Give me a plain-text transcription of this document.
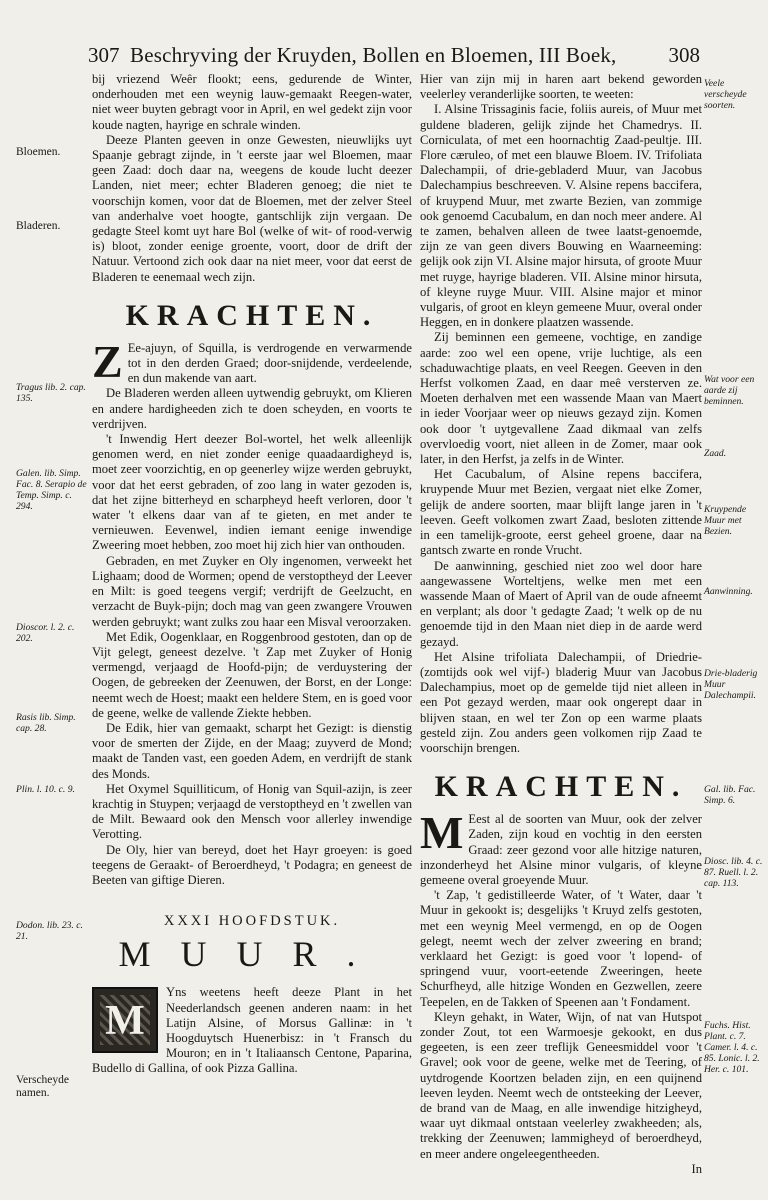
307 Beschryving der Kruyden, Bollen en Bloemen, III Boek, 308

bij vriezend Weêr flookt; eens, gedurende de Winter, onderhouden met een weynig lauw-gemaakt Reegen-water, niet weer buyten gebragt voor in April, en wel gedekt zijn voor koude nagten, hayrige en schrale winden.

Deeze Planten geeven in onze Gewesten, nieuwlijks uyt Spaanje gebragt zijnde, in 't eerste jaar wel Bloemen, maar geen Zaad: doch daar na, weegens de koude lucht deezer Landen, niet meer; echter Bladeren genoeg; die niet te voorschijn komen, voor dat de Bloemen, met der zelver Steel van anderhalve voet hoogte, gantschlijk zijn vergaan. De gedagte Steel komt uyt hare Bol (welke of wit- of rood-verwig is) bloot, zonder eenige groente, voort, door de drift der Natuur. Vertoond zich ook daar na niet meer, voor dat eerst de Bladeren te eenemaal wech zijn.

KRACHTEN.

Z Ee-ajuyn, of Squilla, is verdrogende en verwarmende tot in den derden Graed; door-snijdende, verdeelende, en dun makende van aart.

De Bladeren werden alleen uytwendig gebruykt, om Klieren en andere hardigheeden zich te doen scheyden, en voorts te verdrijven.

't Inwendig Hert deezer Bol-wortel, het welk alleenlijk genomen werd, en niet zonder eenige quaadaardigheyd is, moet zeer voorzichtig, en op geenerley wijze werden gebruykt, voor dat het eerst gebraden, of zoo lang in water gezoden is, dat het zijne bitterheyd en scharpheyd heeft verloren, door 't water 't elkens daar van af te gieten, en met ander te vernieuwen. Eevenwel, indien iemant eenige inwendige Zweering moet hebben, zoo moet hij zich hier van onthouden.

Gebraden, en met Zuyker en Oly ingenomen, verweekt het Lighaam; dood de Wormen; opend de verstoptheyd der Leever en Milt: is goed teegens vergif; verdrijft de Geelzucht, en verzacht de Buyk-pijn; doch mag van geen zwangere Vrouwen werden gebruykt; want zulks zou haar een Misval veroorzaken.

Met Edik, Oogenklaar, en Roggenbrood gestoten, dan op de Vijt gelegt, geneest dezelve. 't Zap met Zuyker of Honig vermengd, verjaagd de Hoofd-pijn; de verduystering der Oogen, de gebreeken der Zeenuwen, der Borst, en der Longe: neemt wech de Hoest; maakt een heldere Stem, en is goed voor de geene, welke de vallende Ziekte hebben.

De Edik, hier van gemaakt, scharpt het Gezigt: is dienstig voor de smerten der Zijde, en der Maag; zuyverd de Mond; maakt de Tanden vast, een goeden Adem, en verdrijft de stank des Monds.

Het Oxymel Squilliticum, of Honig van Squil-azijn, is zeer krachtig in Stuypen; verjaagd de verstoptheyd en 't zwellen van de Milt. Bewaard ook den Mensch voor allerley inwendige Verotting.

De Oly, hier van bereyd, doet het Hayr groeyen: is goed teegens de Geraakt- of Beroerdheyd, 't Podagra; en geneest de Beeten van giftige Dieren.

XXXI HOOFDSTUK.
MUUR.

M
Yns weetens heeft deeze Plant in het Neederlandsch geenen anderen naam: in het Latijn Alsine, of Morsus Gallinæ: in 't Hoogduytsch Huenerbisz: in 't Fransch du Mouron; en in 't Italiaansch Centone, Paparina, Budello di Gallina, of ook Pizza Gallina.

Hier van zijn mij in haren aart bekend geworden veelerley veranderlijke soorten, te weeten:

I. Alsine Trissaginis facie, foliis aureis, of Muur met guldene bladeren, gelijk zijnde het Chamedrys. II. Corniculata, of met een hoornachtig Zaad-peultje. III. Flore cæruleo, of met een blauwe Bloem. IV. Trifoliata Dalechampii, of drie-gebladerd Muur, van Jacobus Dalechampius beschreeven. V. Alsine repens baccifera, of kruypend Muur, met zwarte Bezien, van zommige ook genoemd Cacubalum, en dan noch meer andere. Al te zamen, behalven alleen de twee laatst-genoemde, zijn ze van geen divers Bouwing en Waarneeming: gelijk ook zijn VI. Alsine major hirsuta, of groote Muur met ruyge, hayrige bladeren. VII. Alsine minor hirsuta, of kleyne ruyge Muur. VIII. Alsine major et minor vulgaris, of groot en kleyn gemeene Muur, overal onder Heggen, en in donkere plaatzen wassende.

Zij beminnen een gemeene, vochtige, en zandige aarde: zoo wel een opene, vrije luchtige, als een schaduwachtige plaats, en veel Reegen. Geeven in den Herfst volkomen Zaad, en daar meê versterven ze. Moeten derhalven met een wassende Maan van Maert in ieder Voorjaar weer op nieuws gezayd zijn. Komen ook door 't uytgevallene Zaad dikmaal van zelfs overvloedig voort, niet alleen in de Zomer, maar ook later, in den Herfst, ja zelfs in de Winter.

Het Cacubalum, of Alsine repens baccifera, kruypende Muur met Bezien, vergaat niet elke Zomer, gelijk de andere soorten, maar blijft lange jaren in 't leeven. Geeft volkomen zwart Zaad, besloten zittende in een tamelijk-groote, eerst geheel groene, daar na gantsch zwarte en ronde Vrucht.

De aanwinning, geschied niet zoo wel door hare aangewassene Worteltjens, welke men met een wassende Maan of Maert of April van de oude afneemt en verplant; als door 't gedagte Zaad; 't welk op de nu genoemde tijd in den Maan niet diep in de aarde werd gezayd.

Het Alsine trifoliata Dalechampii, of Driedrie- (zomtijds ook wel vijf-) bladerig Muur van Jacobus Dalechampius, moet op de gemelde tijd niet alleen in een Pot gezayd werden, maar ook ongerept daar in blijven staan, en wel ter Zon op een warme plaats gesteld zijn. Zou anders geen volkomen rijp Zaad te voorschijn brengen.

KRACHTEN.

M Eest al de soorten van Muur, ook der zelver Zaden, zijn koud en vochtig in den eersten Graad: zeer gezond voor alle hitzige naturen, inzonderheyd het Alsine minor vulgaris, of kleyne gemeene overal groeyende Muur.

't Zap, 't gedistilleerde Water, of 't Water, daar 't Muur in gekookt is; desgelijks 't Kruyd zelfs gestoten, met een weynig Meel vermengd, en op de Oogen gelegt, neemt wech der zelver zweering en brand; verklaard het Gezigt: is goed voor 't lopend- of springend vuur, voort-eetende Zweeringen, heete Schurfheyd, alle hitzige Wonden en Gezwellen, zeere Teepelen, en de Takken of Speenen aan 't Fondament.

Kleyn gehakt, in Water, Wijn, of nat van Hutspot zonder Zout, tot een Warmoesje gekookt, en dus gegeeten, is een zeer treflijk Geneesmiddel voor 't Gravel; ook voor de geene, welke met de Teering, of uytdrogende Koortzen beladen zijn, en een quijnend leeven leyden. Neemt wech de ontsteeking der Leever, de brand van de Maag, en alle inwendige hitzigheyd, waar uyt dikmaal ontstaan veelerley zwakheeden; als, trekking der Zeenuwen; lammigheyd of beroerdheyd, en meer andere ongeleegentheeden.

In

Bloemen.
Bladeren.
Tragus lib. 2. cap. 135.
Galen. lib. Simp. Fac. 8. Serapio de Temp. Simp. c. 294.
Dioscor. l. 2. c. 202.
Rasis lib. Simp. cap. 28.
Plin. l. 10. c. 9.
Dodon. lib. 23. c. 21.
Verscheyde namen.
Veele verscheyde soorten.
Wat voor een aarde zij beminnen.
Zaad.
Kruypende Muur met Bezien.
Aanwinning.
Drie-bladerig Muur Dalechampii.
Gal. lib. Fac. Simp. 6.
Diosc. lib. 4. c. 87. Ruell. l. 2. cap. 113.
Fuchs. Hist. Plant. c. 7. Camer. l. 4. c. 85. Lonic. l. 2. Her. c. 101.
